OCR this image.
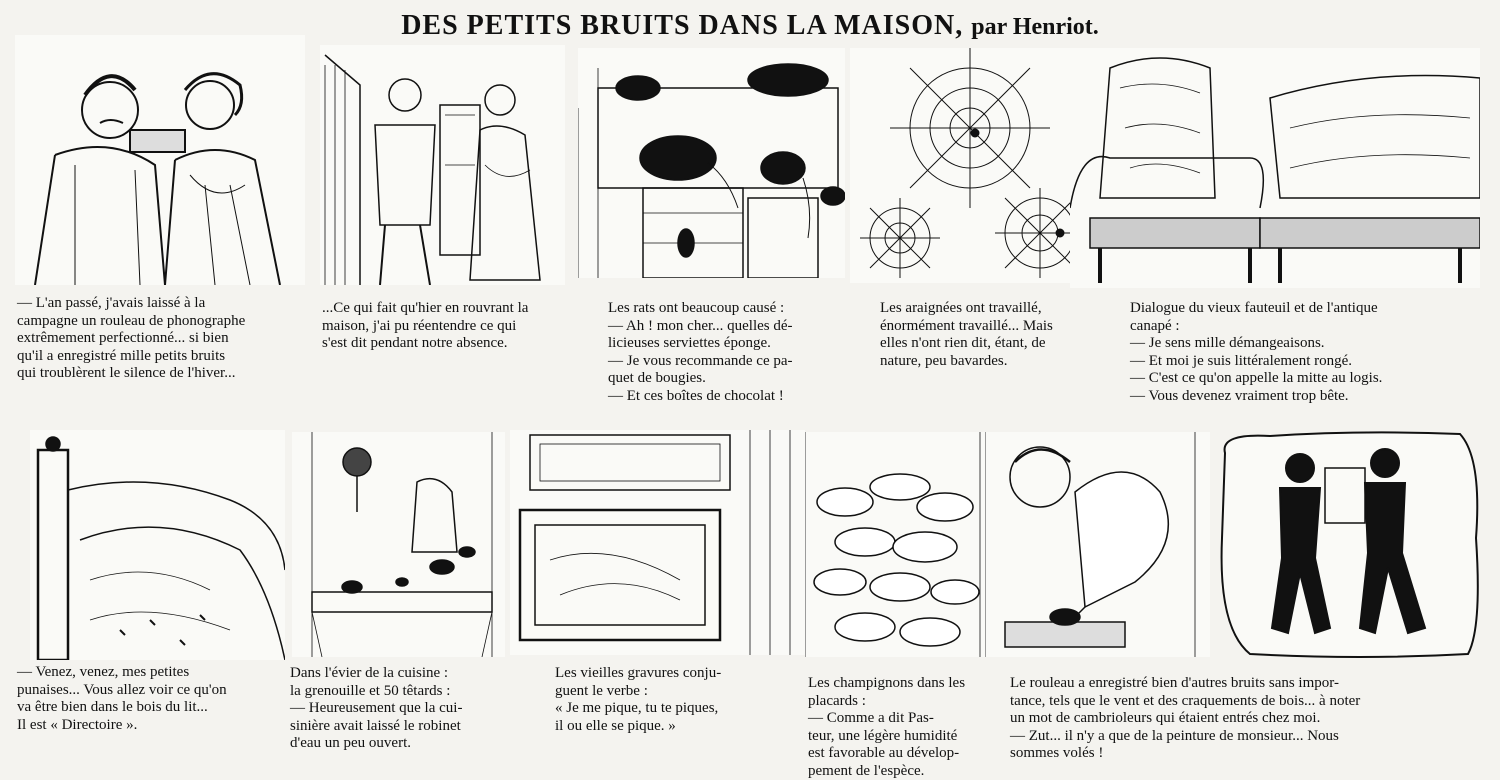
DES PETITS BRUITS DANS LA MAISON, par Henriot.
— L'an passé, j'avais laissé à la
campagne un rouleau de phonographe
extrêmement perfectionné... si bien
qu'il a enregistré mille petits bruits
qui troublèrent le silence de l'hiver...
...Ce qui fait qu'hier en rouvrant la
maison, j'ai pu réentendre ce qui
s'est dit pendant notre absence.
Les rats ont beaucoup causé :
— Ah ! mon cher... quelles dé-
licieuses serviettes éponge.
— Je vous recommande ce pa-
quet de bougies.
— Et ces boîtes de chocolat !
Les araignées ont travaillé,
énormément travaillé... Mais
elles n'ont rien dit, étant, de
nature, peu bavardes.
Dialogue du vieux fauteuil et de l'antique
canapé :
— Je sens mille démangeaisons.
— Et moi je suis littéralement rongé.
— C'est ce qu'on appelle la mitte au logis.
— Vous devenez vraiment trop bête.
— Venez, venez, mes petites
punaises... Vous allez voir ce qu'on
va être bien dans le bois du lit...
Il est « Directoire ».
Dans l'évier de la cuisine :
la grenouille et 50 têtards :
— Heureusement que la cui-
sinière avait laissé le robinet
d'eau un peu ouvert.
Les vieilles gravures conju-
guent le verbe :
« Je me pique, tu te piques,
il ou elle se pique. »
Les champignons dans les
placards :
— Comme a dit Pas-
teur, une légère humidité
est favorable au dévelop-
pement de l'espèce.
Le rouleau a enregistré bien d'autres bruits sans impor-
tance, tels que le vent et des craquements de bois... à noter
un mot de cambrioleurs qui étaient entrés chez moi.
— Zut... il n'y a que de la peinture de monsieur... Nous
sommes volés !
